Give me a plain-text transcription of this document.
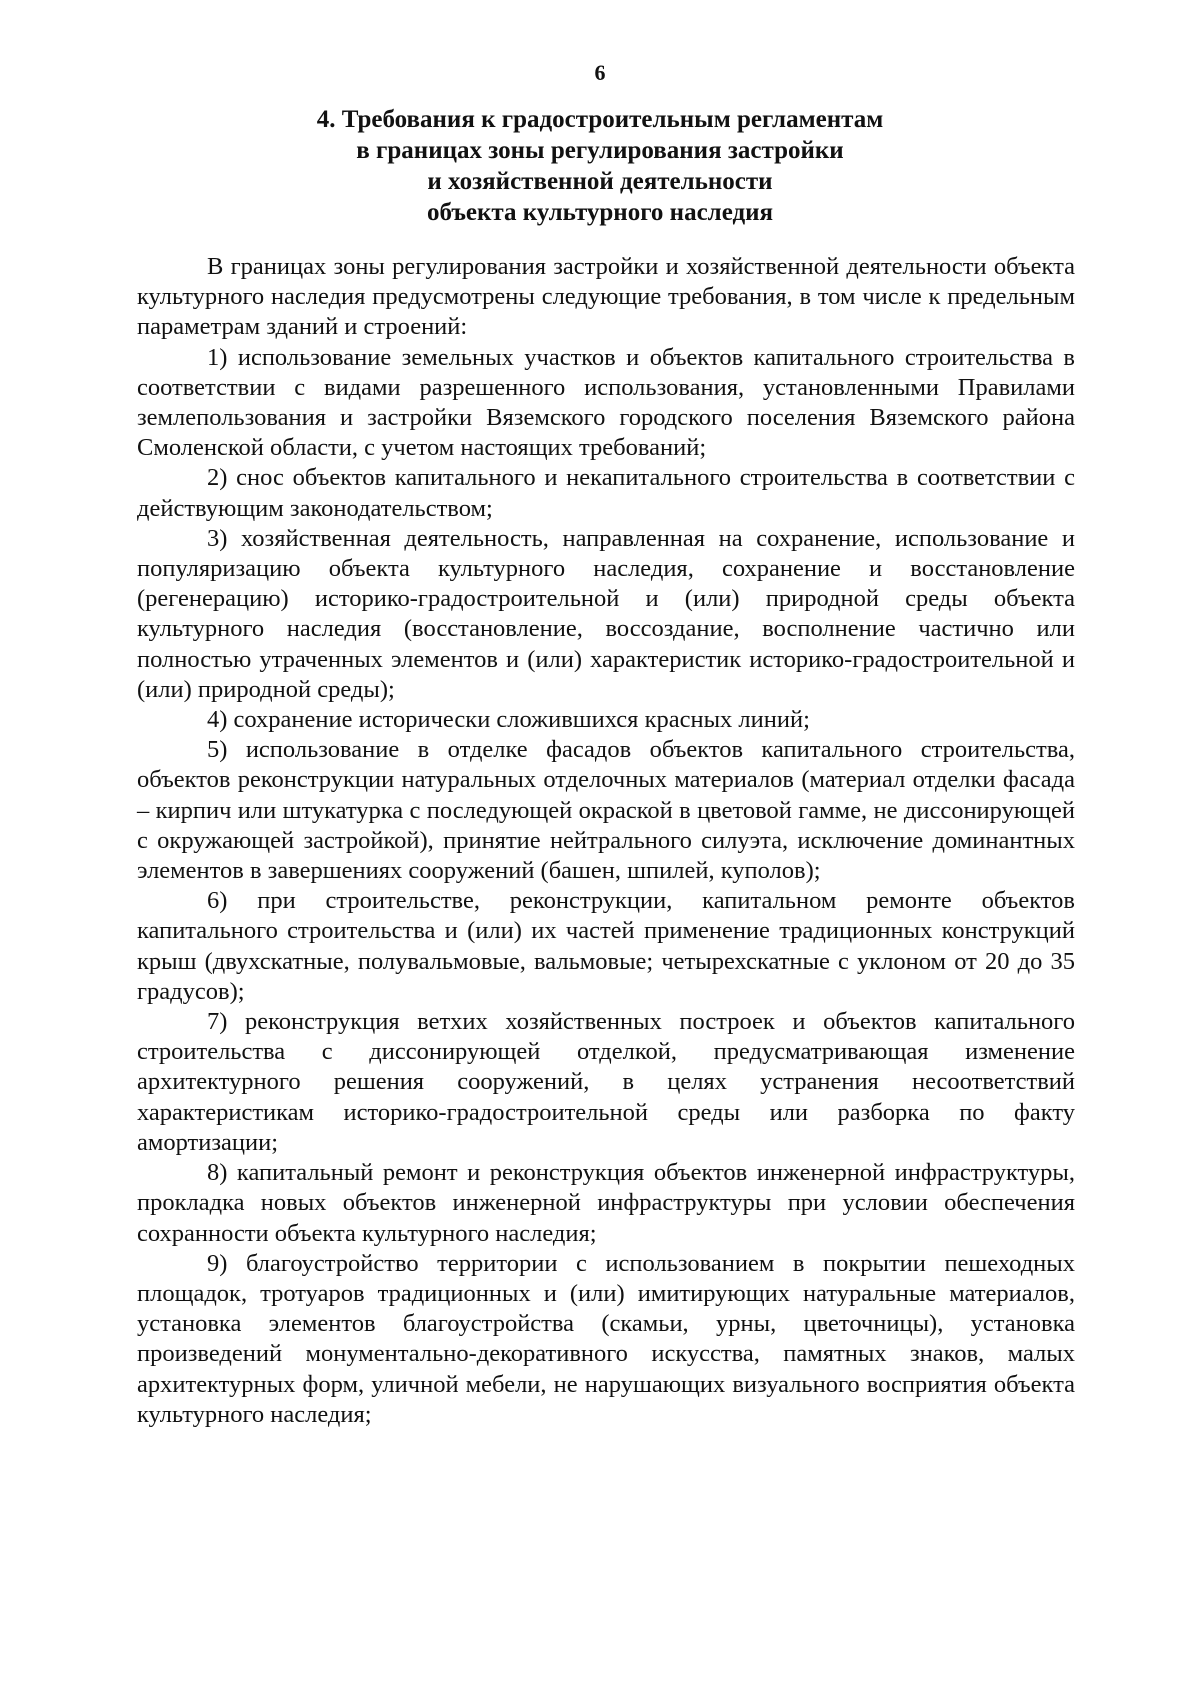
6
4. Требования к градостроительным регламентам
в границах зоны регулирования застройки
и хозяйственной деятельности
объекта культурного наследия

В границах зоны регулирования застройки и хозяйственной деятельности объекта культурного наследия предусмотрены следующие требования, в том числе к предельным параметрам зданий и строений:

1) использование земельных участков и объектов капитального строительства в соответствии с видами разрешенного использования, установленными Правилами землепользования и застройки Вяземского городского поселения Вяземского района Смоленской области, с учетом настоящих требований;

2) снос объектов капитального и некапитального строительства в соответствии с действующим законодательством;

3) хозяйственная деятельность, направленная на сохранение, использование и популяризацию объекта культурного наследия, сохранение и восстановление (регенерацию) историко-градостроительной и (или) природной среды объекта культурного наследия (восстановление, воссоздание, восполнение частично или полностью утраченных элементов и (или) характеристик историко-градостроительной и (или) природной среды);

4) сохранение исторически сложившихся красных линий;

5) использование в отделке фасадов объектов капитального строительства, объектов реконструкции натуральных отделочных материалов (материал отделки фасада – кирпич или штукатурка с последующей окраской в цветовой гамме, не диссонирующей с окружающей застройкой), принятие нейтрального силуэта, исключение доминантных элементов в завершениях сооружений (башен, шпилей, куполов);

6) при строительстве, реконструкции, капитальном ремонте объектов капитального строительства и (или) их частей применение традиционных конструкций крыш (двухскатные, полувальмовые, вальмовые; четырехскатные с уклоном от 20 до 35 градусов);

7) реконструкция ветхих хозяйственных построек и объектов капитального строительства с диссонирующей отделкой, предусматривающая изменение архитектурного решения сооружений, в целях устранения несоответствий характеристикам историко-градостроительной среды или разборка по факту амортизации;

8) капитальный ремонт и реконструкция объектов инженерной инфраструктуры, прокладка новых объектов инженерной инфраструктуры при условии обеспечения сохранности объекта культурного наследия;

9) благоустройство территории с использованием в покрытии пешеходных площадок, тротуаров традиционных и (или) имитирующих натуральные материалов, установка элементов благоустройства (скамьи, урны, цветочницы), установка произведений монументально-декоративного искусства, памятных знаков, малых архитектурных форм, уличной мебели, не нарушающих визуального восприятия объекта культурного наследия;
